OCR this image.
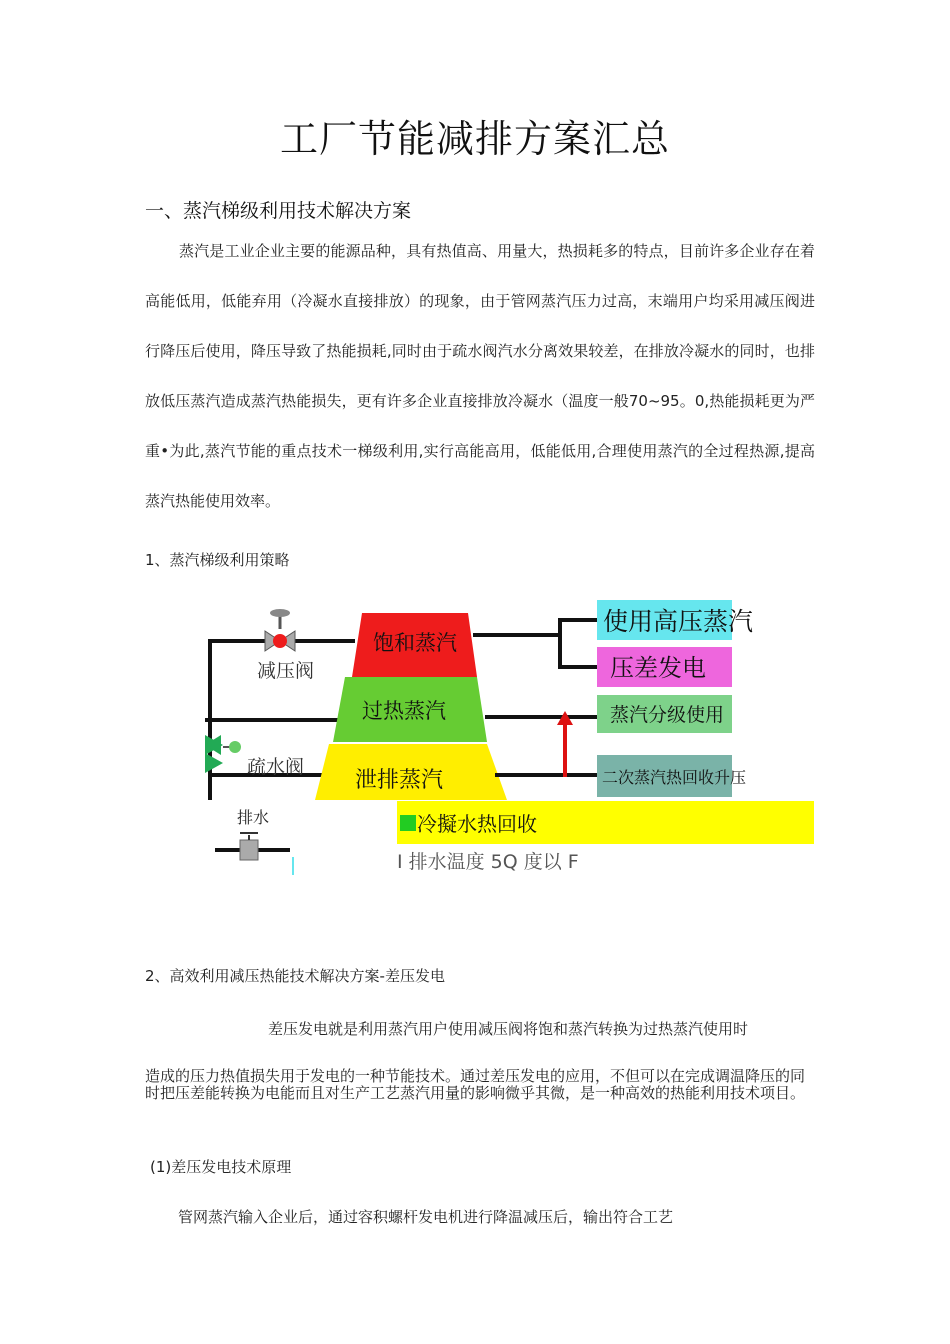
工厂节能减排方案汇总
一、蒸汽梯级利用技术解决方案

蒸汽是工业企业主要的能源品种，具有热值高、用量大，热损耗多的特点，目前许多企业存在着高能低用，低能弃用（冷凝水直接排放）的现象，由于管网蒸汽压力过高，末端用户均采用减压阀进行降压后使用，降压导致了热能损耗,同时由于疏水阀汽水分离效果较差，在排放冷凝水的同时，也排放低压蒸汽造成蒸汽热能损失，更有许多企业直接排放冷凝水（温度一般70~95。0,热能损耗更为严重•为此,蒸汽节能的重点技术一梯级利用,实行高能高用，低能低用,合理使用蒸汽的全过程热源,提高蒸汽热能使用效率。

1、蒸汽梯级利用策略
减压阀
疏水阀
排水
饱和蒸汽
过热蒸汽
泄排蒸汽
使用高压蒸汽
压差发电
蒸汽分级使用
二次蒸汽热回收升压
冷擬水热回收
I 排水温度 5Q 度以 F
2、高效利用减压热能技术解决方案-差压发电
差压发电就是利用蒸汽用户使用减压阀将饱和蒸汽转换为过热蒸汽使用时
造成的压力热值损失用于发电的一种节能技术。通过差压发电的应用，不但可以在完成调温降压的同时把压差能转换为电能而且对生产工艺蒸汽用量的影响微乎其微，是一种高效的热能利用技术项目。
(1)差压发电技术原理
管网蒸汽输入企业后，通过容积螺杆发电机进行降温减压后，输出符合工艺
